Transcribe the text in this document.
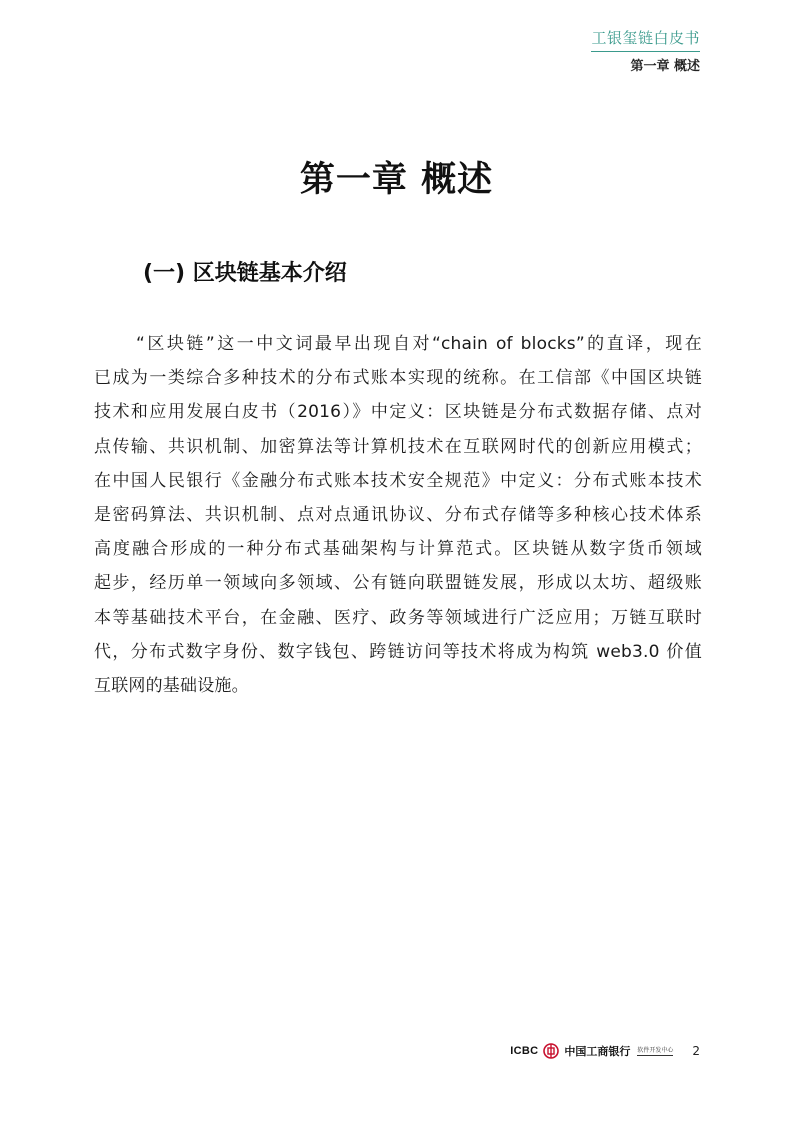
工银玺链白皮书
第一章 概述
第一章 概述
(一) 区块链基本介绍
“区块链”这一中文词最早出现自对“chain of blocks”的直译，现在
已成为一类综合多种技术的分布式账本实现的统称。在工信部《中国区块链
技术和应用发展白皮书（2016）》中定义：区块链是分布式数据存储、点对
点传输、共识机制、加密算法等计算机技术在互联网时代的创新应用模式；
在中国人民银行《金融分布式账本技术安全规范》中定义：分布式账本技术
是密码算法、共识机制、点对点通讯协议、分布式存储等多种核心技术体系
高度融合形成的一种分布式基础架构与计算范式。区块链从数字货币领域
起步，经历单一领域向多领域、公有链向联盟链发展，形成以太坊、超级账
本等基础技术平台，在金融、医疗、政务等领域进行广泛应用；万链互联时
代，分布式数字身份、数字钱包、跨链访问等技术将成为构筑 web3.0 价值
互联网的基础设施。
ICBC 中国工商银行 软件开发中心 2
